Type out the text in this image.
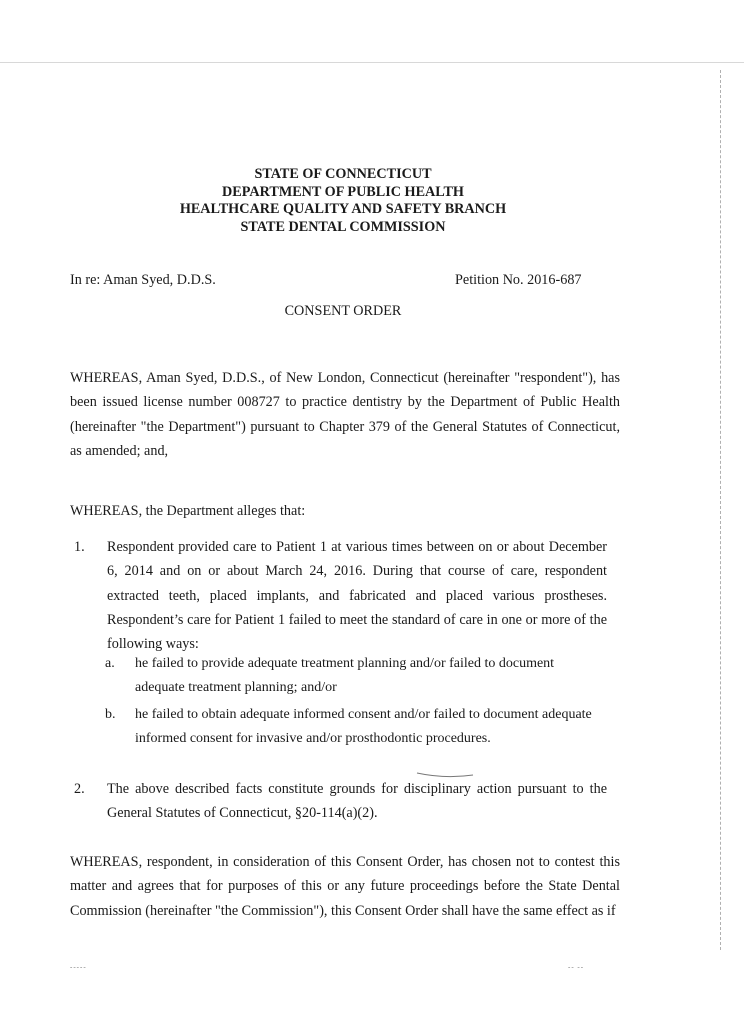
STATE OF CONNECTICUT
DEPARTMENT OF PUBLIC HEALTH
HEALTHCARE QUALITY AND SAFETY BRANCH
STATE DENTAL COMMISSION
In re: Aman Syed, D.D.S.	Petition No. 2016-687
CONSENT ORDER
WHEREAS, Aman Syed, D.D.S., of New London, Connecticut (hereinafter "respondent"), has been issued license number 008727 to practice dentistry by the Department of Public Health (hereinafter "the Department") pursuant to Chapter 379 of the General Statutes of Connecticut, as amended; and,
WHEREAS, the Department alleges that:
1. Respondent provided care to Patient 1 at various times between on or about December 6, 2014 and on or about March 24, 2016. During that course of care, respondent extracted teeth, placed implants, and fabricated and placed various prostheses. Respondent’s care for Patient 1 failed to meet the standard of care in one or more of the following ways:
a. he failed to provide adequate treatment planning and/or failed to document adequate treatment planning; and/or
b. he failed to obtain adequate informed consent and/or failed to document adequate informed consent for invasive and/or prosthodontic procedures.
2. The above described facts constitute grounds for disciplinary action pursuant to the General Statutes of Connecticut, §20-114(a)(2).
WHEREAS, respondent, in consideration of this Consent Order, has chosen not to contest this matter and agrees that for purposes of this or any future proceedings before the State Dental Commission (hereinafter "the Commission"), this Consent Order shall have the same effect as if
-----	-- --
